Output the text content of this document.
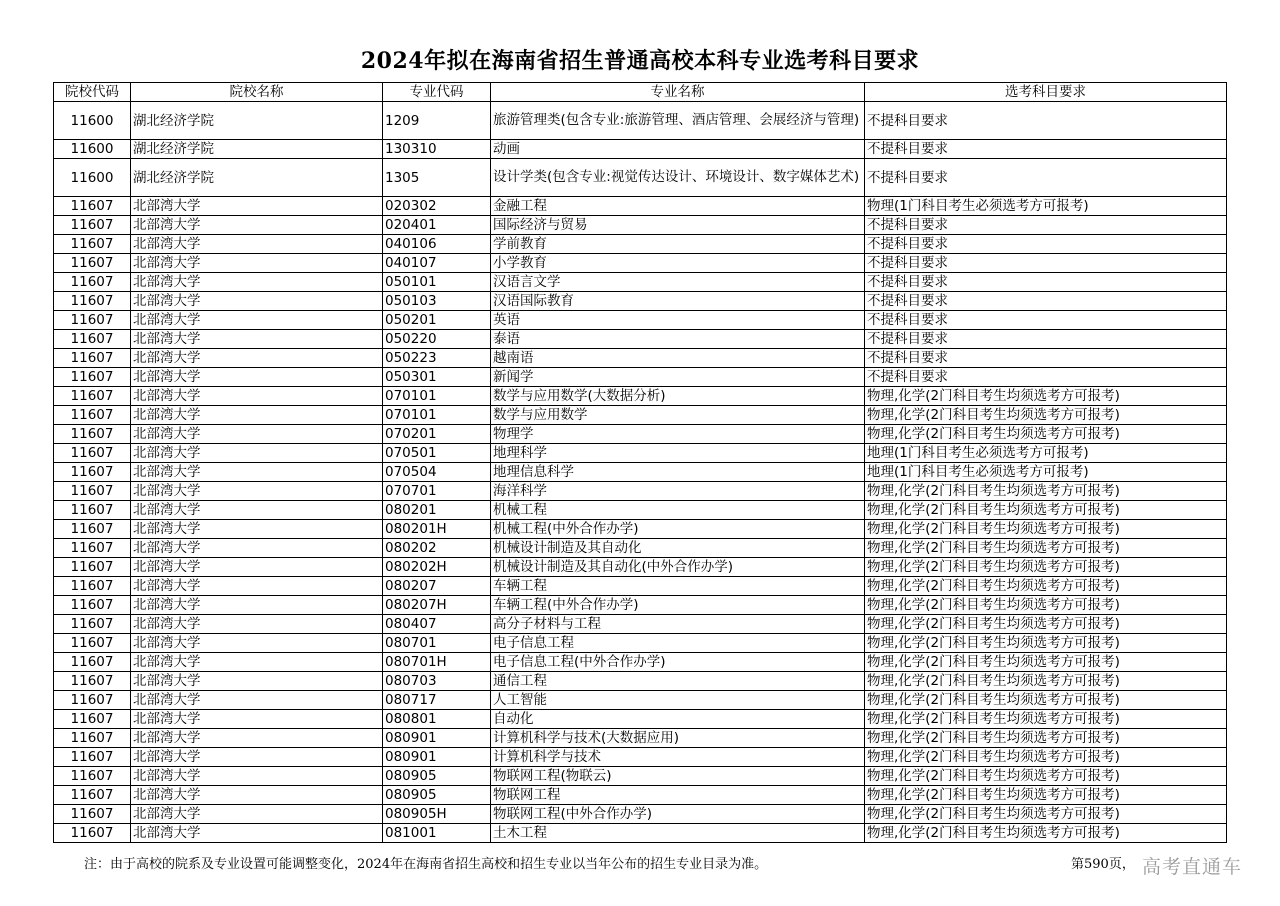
2024年拟在海南省招生普通高校本科专业选考科目要求
院校代码	院校名称	专业代码	专业名称	选考科目要求
11600	湖北经济学院	1209	旅游管理类(包含专业:旅游管理、酒店管理、会展经济与管理)	不提科目要求
11600	湖北经济学院	130310	动画	不提科目要求
11600	湖北经济学院	1305	设计学类(包含专业:视觉传达设计、环境设计、数字媒体艺术)	不提科目要求
11607	北部湾大学	020302	金融工程	物理(1门科目考生必须选考方可报考)
11607	北部湾大学	020401	国际经济与贸易	不提科目要求
11607	北部湾大学	040106	学前教育	不提科目要求
11607	北部湾大学	040107	小学教育	不提科目要求
11607	北部湾大学	050101	汉语言文学	不提科目要求
11607	北部湾大学	050103	汉语国际教育	不提科目要求
11607	北部湾大学	050201	英语	不提科目要求
11607	北部湾大学	050220	泰语	不提科目要求
11607	北部湾大学	050223	越南语	不提科目要求
11607	北部湾大学	050301	新闻学	不提科目要求
11607	北部湾大学	070101	数学与应用数学(大数据分析)	物理,化学(2门科目考生均须选考方可报考)
11607	北部湾大学	070101	数学与应用数学	物理,化学(2门科目考生均须选考方可报考)
11607	北部湾大学	070201	物理学	物理,化学(2门科目考生均须选考方可报考)
11607	北部湾大学	070501	地理科学	地理(1门科目考生必须选考方可报考)
11607	北部湾大学	070504	地理信息科学	地理(1门科目考生必须选考方可报考)
11607	北部湾大学	070701	海洋科学	物理,化学(2门科目考生均须选考方可报考)
11607	北部湾大学	080201	机械工程	物理,化学(2门科目考生均须选考方可报考)
11607	北部湾大学	080201H	机械工程(中外合作办学)	物理,化学(2门科目考生均须选考方可报考)
11607	北部湾大学	080202	机械设计制造及其自动化	物理,化学(2门科目考生均须选考方可报考)
11607	北部湾大学	080202H	机械设计制造及其自动化(中外合作办学)	物理,化学(2门科目考生均须选考方可报考)
11607	北部湾大学	080207	车辆工程	物理,化学(2门科目考生均须选考方可报考)
11607	北部湾大学	080207H	车辆工程(中外合作办学)	物理,化学(2门科目考生均须选考方可报考)
11607	北部湾大学	080407	高分子材料与工程	物理,化学(2门科目考生均须选考方可报考)
11607	北部湾大学	080701	电子信息工程	物理,化学(2门科目考生均须选考方可报考)
11607	北部湾大学	080701H	电子信息工程(中外合作办学)	物理,化学(2门科目考生均须选考方可报考)
11607	北部湾大学	080703	通信工程	物理,化学(2门科目考生均须选考方可报考)
11607	北部湾大学	080717	人工智能	物理,化学(2门科目考生均须选考方可报考)
11607	北部湾大学	080801	自动化	物理,化学(2门科目考生均须选考方可报考)
11607	北部湾大学	080901	计算机科学与技术(大数据应用)	物理,化学(2门科目考生均须选考方可报考)
11607	北部湾大学	080901	计算机科学与技术	物理,化学(2门科目考生均须选考方可报考)
11607	北部湾大学	080905	物联网工程(物联云)	物理,化学(2门科目考生均须选考方可报考)
11607	北部湾大学	080905	物联网工程	物理,化学(2门科目考生均须选考方可报考)
11607	北部湾大学	080905H	物联网工程(中外合作办学)	物理,化学(2门科目考生均须选考方可报考)
11607	北部湾大学	081001	土木工程	物理,化学(2门科目考生均须选考方可报考)
注：由于高校的院系及专业设置可能调整变化，2024年在海南省招生高校和招生专业以当年公布的招生专业目录为准。	第590页， 高考直通车
